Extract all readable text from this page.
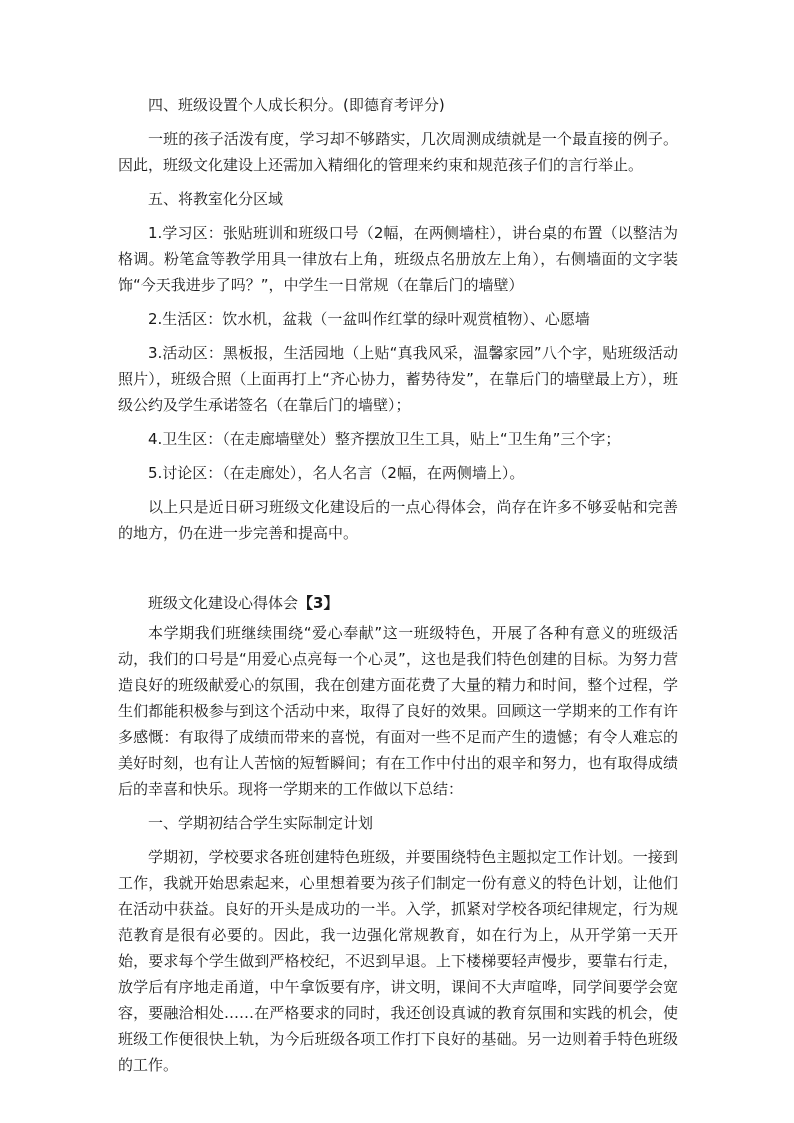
四、班级设置个人成长积分。(即德育考评分)

一班的孩子活泼有度，学习却不够踏实，几次周测成绩就是一个最直接的例子。因此，班级文化建设上还需加入精细化的管理来约束和规范孩子们的言行举止。

五、将教室化分区域

1.学习区：张贴班训和班级口号（2幅，在两侧墙柱），讲台桌的布置（以整洁为格调。粉笔盒等教学用具一律放右上角，班级点名册放左上角），右侧墙面的文字装饰“今天我进步了吗？”，中学生一日常规（在靠后门的墙壁）

2.生活区：饮水机，盆栽（一盆叫作红掌的绿叶观赏植物）、心愿墙

3.活动区：黑板报，生活园地（上贴“真我风采，温馨家园”八个字，贴班级活动照片），班级合照（上面再打上“齐心协力，蓄势待发”，在靠后门的墙壁最上方），班级公约及学生承诺签名（在靠后门的墙壁）；

4.卫生区：（在走廊墙壁处）整齐摆放卫生工具，贴上“卫生角”三个字；

5.讨论区：（在走廊处），名人名言（2幅，在两侧墙上）。

以上只是近日研习班级文化建设后的一点心得体会，尚存在许多不够妥帖和完善的地方，仍在进一步完善和提高中。

班级文化建设心得体会【3】

本学期我们班继续围绕“爱心奉献”这一班级特色，开展了各种有意义的班级活动，我们的口号是“用爱心点亮每一个心灵”，这也是我们特色创建的目标。为努力营造良好的班级献爱心的氛围，我在创建方面花费了大量的精力和时间，整个过程，学生们都能积极参与到这个活动中来，取得了良好的效果。回顾这一学期来的工作有许多感慨：有取得了成绩而带来的喜悦，有面对一些不足而产生的遗憾；有令人难忘的美好时刻，也有让人苦恼的短暂瞬间；有在工作中付出的艰辛和努力，也有取得成绩后的幸喜和快乐。现将一学期来的工作做以下总结：

一、学期初结合学生实际制定计划

学期初，学校要求各班创建特色班级，并要围绕特色主题拟定工作计划。一接到工作，我就开始思索起来，心里想着要为孩子们制定一份有意义的特色计划，让他们在活动中获益。良好的开头是成功的一半。入学，抓紧对学校各项纪律规定，行为规范教育是很有必要的。因此，我一边强化常规教育，如在行为上，从开学第一天开始，要求每个学生做到严格校纪，不迟到早退。上下楼梯要轻声慢步，要靠右行走，放学后有序地走甬道，中午拿饭要有序，讲文明，课间不大声喧哗，同学间要学会宽容，要融洽相处……在严格要求的同时，我还创设真诚的教育氛围和实践的机会，使班级工作便很快上轨，为今后班级各项工作打下良好的基础。另一边则着手特色班级的工作。
